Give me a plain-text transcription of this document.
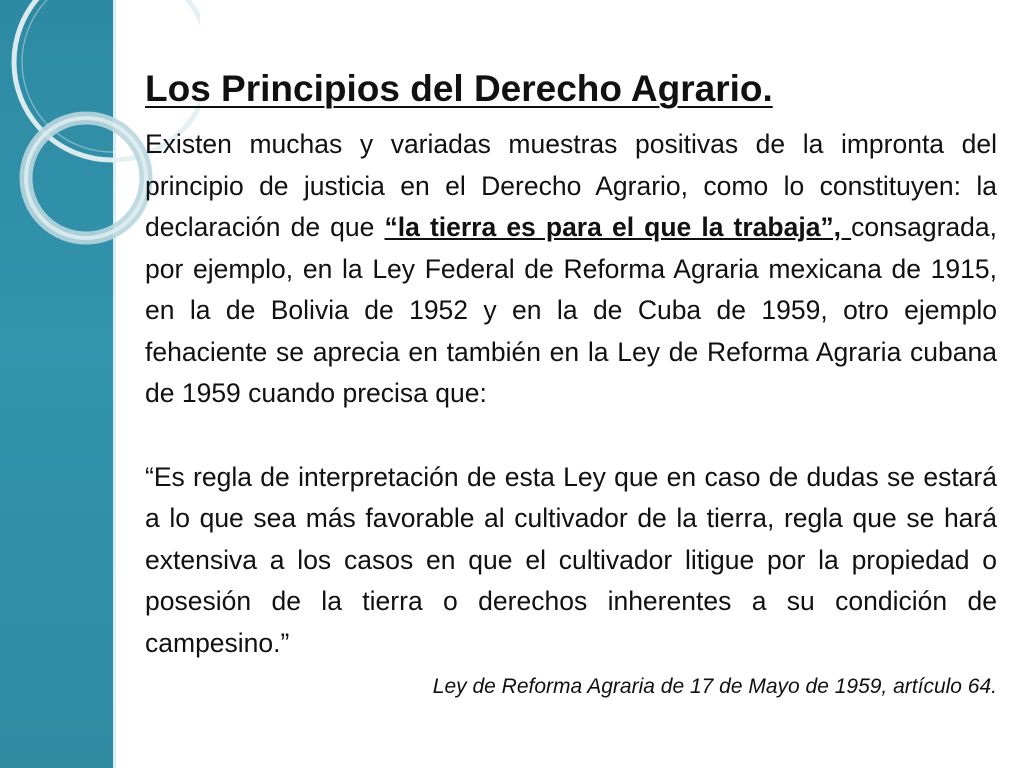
Los Principios del Derecho Agrario.

Existen muchas y variadas muestras positivas de la impronta del principio de justicia en el Derecho Agrario, como lo constituyen: la declaración de que “la tierra es para el que la trabaja”, consagrada, por ejemplo, en la Ley Federal de Reforma Agraria mexicana de 1915, en la de Bolivia de 1952 y en la de Cuba de 1959, otro ejemplo fehaciente se aprecia en también en la Ley de Reforma Agraria cubana de 1959 cuando precisa que:

“Es regla de interpretación de esta Ley que en caso de dudas se estará a lo que sea más favorable al cultivador de la tierra, regla que se hará extensiva a los casos en que el cultivador litigue por la propiedad o posesión de la tierra o derechos inherentes a su condición de campesino.”

Ley de Reforma Agraria de 17 de Mayo de 1959, artículo 64.
